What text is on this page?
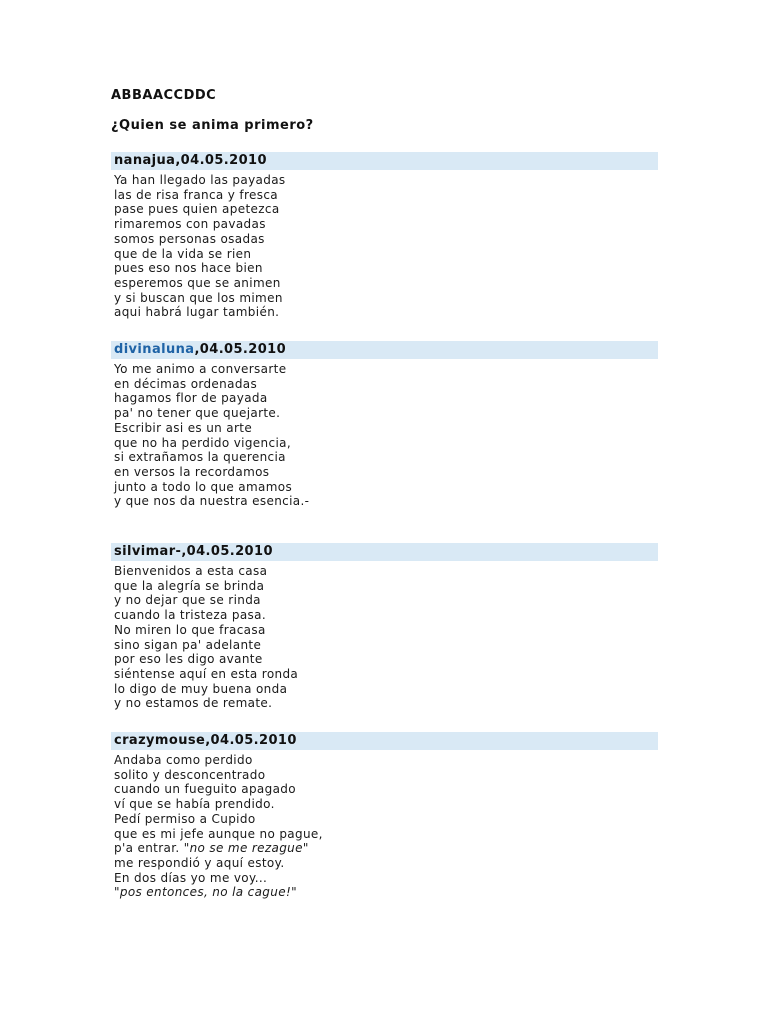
ABBAACCDDC
¿Quien se anima primero?
nanajua,04.05.2010
Ya han llegado las payadas
las de risa franca y fresca
pase pues quien apetezca
rimaremos con pavadas
somos personas osadas
que de la vida se rien
pues eso nos hace bien
esperemos que se animen
y si buscan que los mimen
aqui habrá lugar también.
divinaluna,04.05.2010
Yo me animo a conversarte
en décimas ordenadas
hagamos flor de payada
pa' no tener que quejarte.
Escribir asi es un arte
que no ha perdido vigencia,
si extrañamos la querencia
en versos la recordamos
junto a todo lo que amamos
y que nos da nuestra esencia.-
silvimar-,04.05.2010
Bienvenidos a esta casa
que la alegría se brinda
y no dejar que se rinda
cuando la tristeza pasa.
No miren lo que fracasa
sino sigan pa' adelante
por eso les digo avante
siéntense aquí en esta ronda
lo digo de muy buena onda
y no estamos de remate.
crazymouse,04.05.2010
Andaba como perdido
solito y desconcentrado
cuando un fueguito apagado
ví que se había prendido.
Pedí permiso a Cupido
que es mi jefe aunque no pague,
p'a entrar. "no se me rezague"
me respondió y aquí estoy.
En dos días yo me voy...
"pos entonces, no la cague!"
